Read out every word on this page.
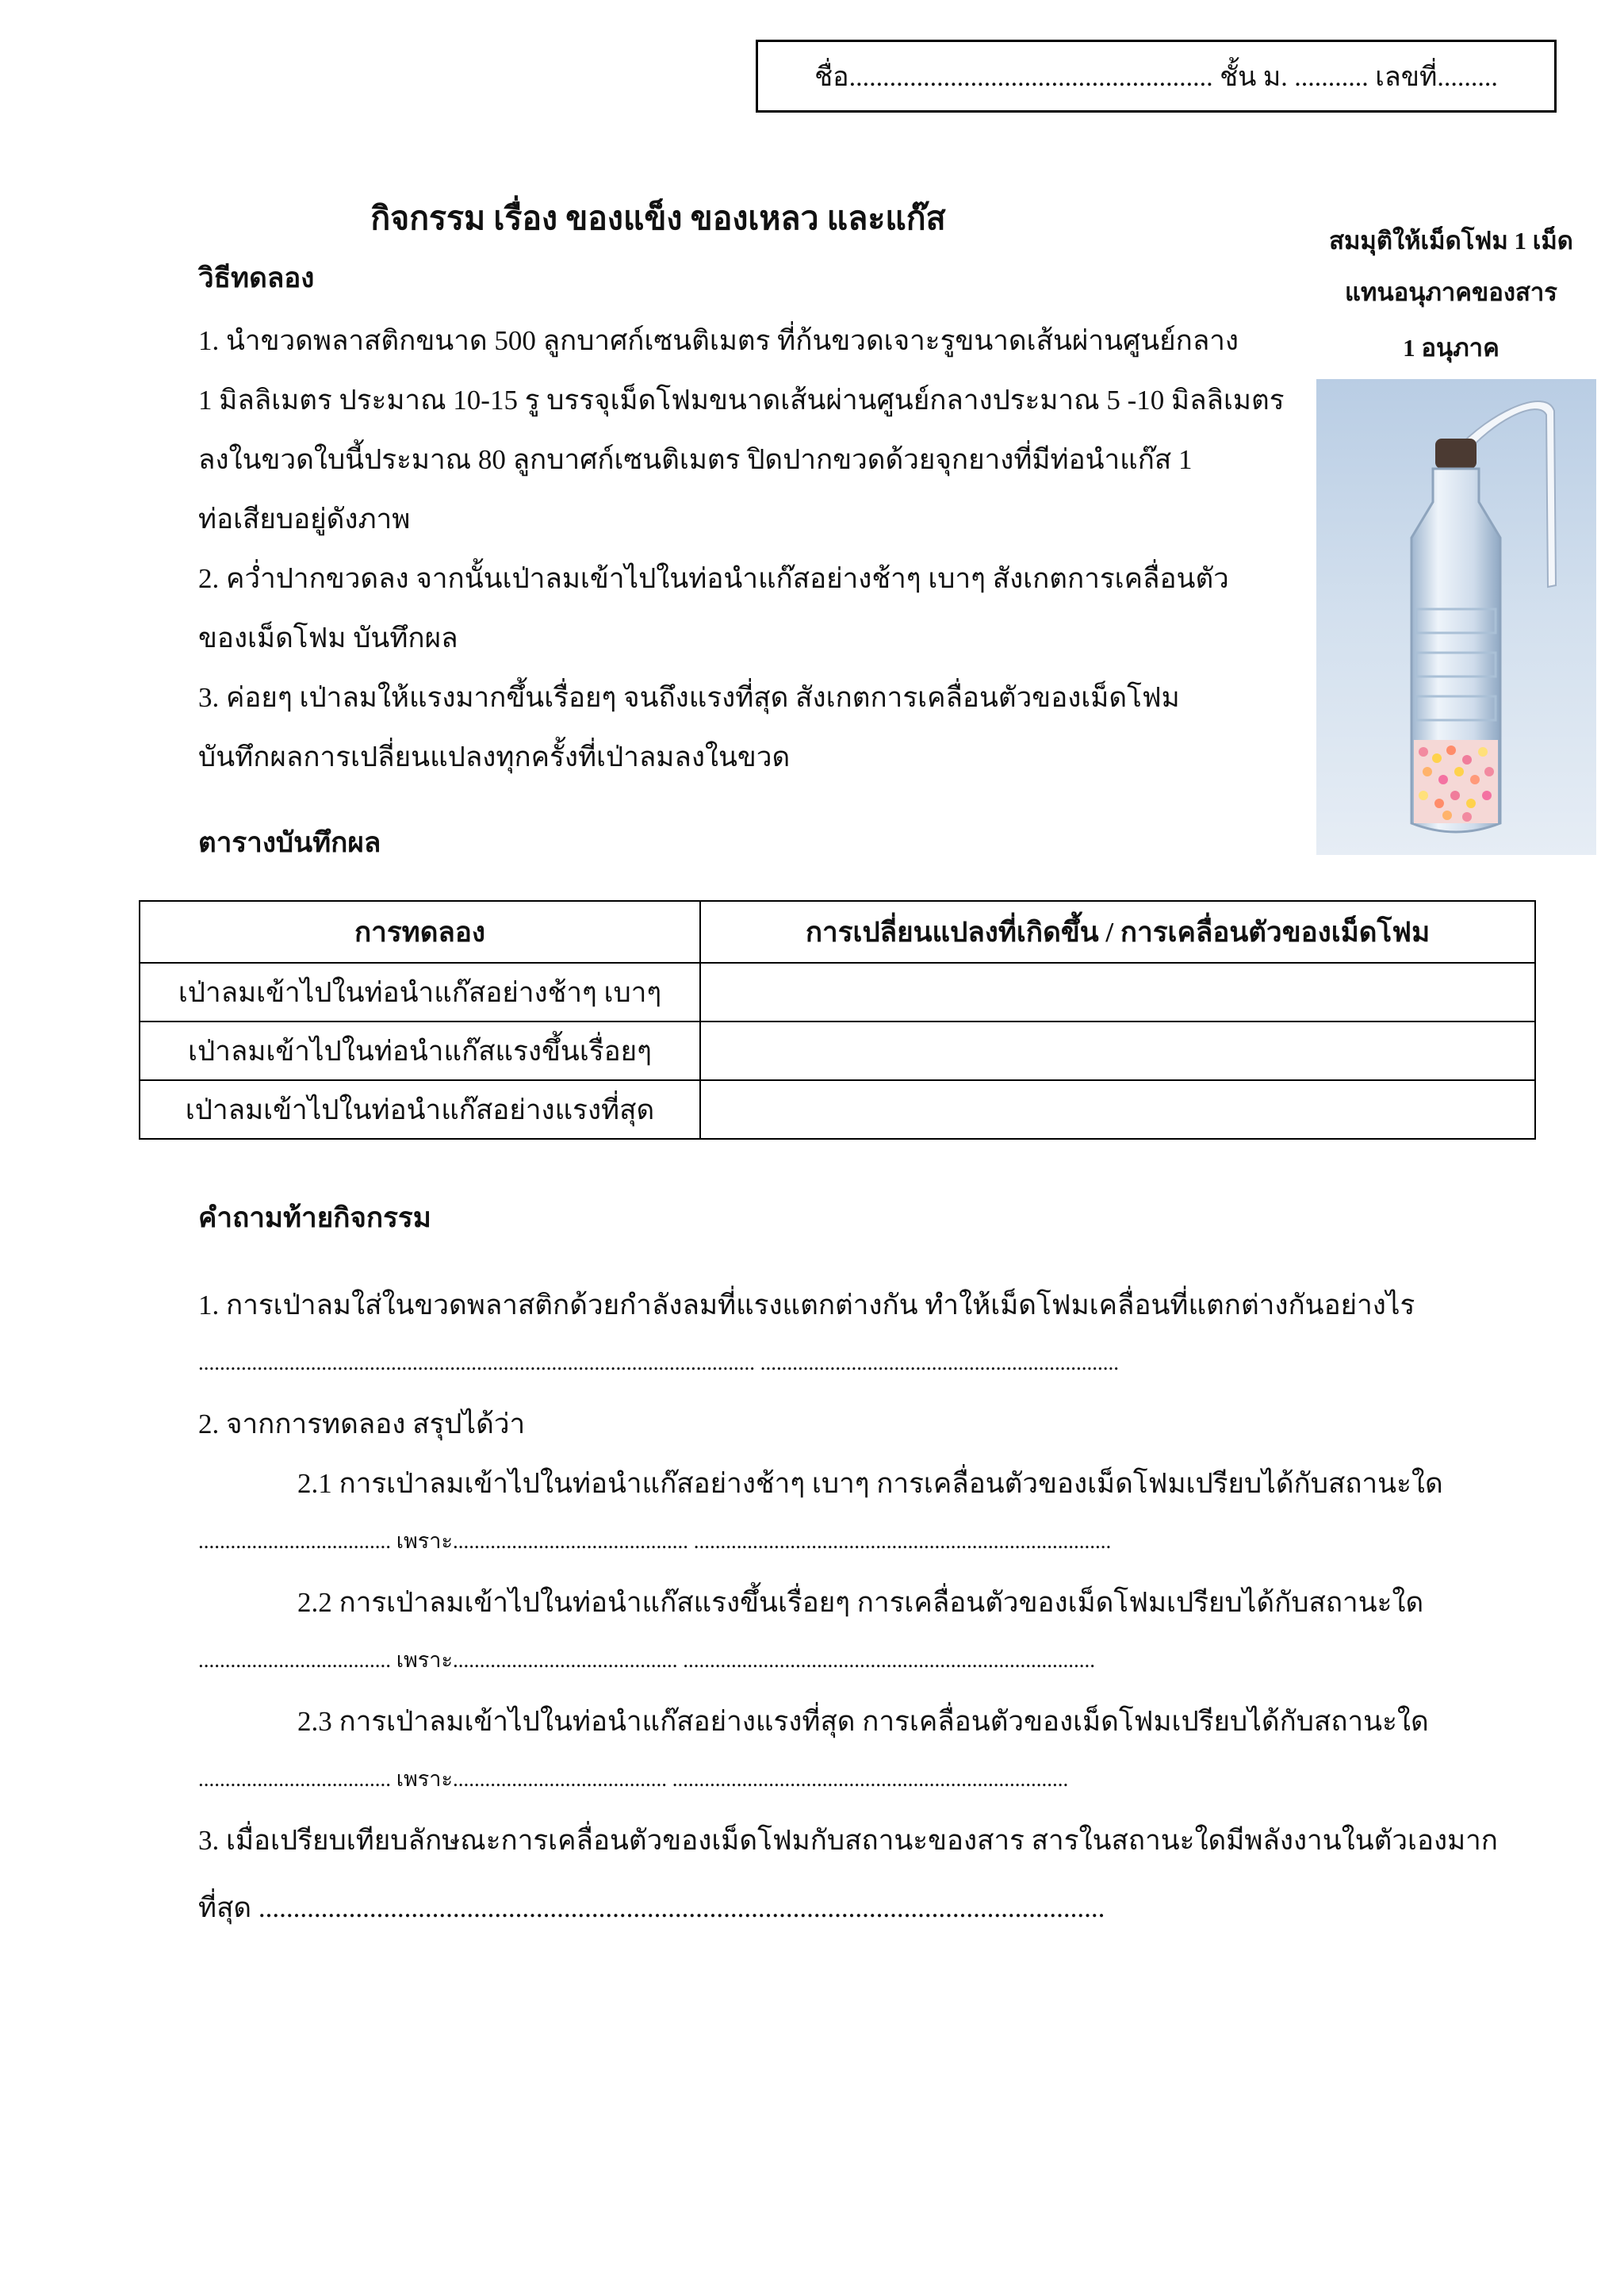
ชื่อ...................................................... ชั้น ม. ........... เลขที่.........
กิจกรรม เรื่อง ของแข็ง ของเหลว และแก๊ส
สมมุติให้เม็ดโฟม 1 เม็ด
แทนอนุภาคของสาร
1 อนุภาค
วิธีทดลอง
1. นำขวดพลาสติกขนาด 500 ลูกบาศก์เซนติเมตร ที่ก้นขวดเจาะรูขนาดเส้นผ่านศูนย์กลาง
1 มิลลิเมตร ประมาณ 10-15 รู บรรจุเม็ดโฟมขนาดเส้นผ่านศูนย์กลางประมาณ 5 -10 มิลลิเมตร
ลงในขวดใบนี้ประมาณ 80 ลูกบาศก์เซนติเมตร ปิดปากขวดด้วยจุกยางที่มีท่อนำแก๊ส 1
ท่อเสียบอยู่ดังภาพ
2. คว่ำปากขวดลง จากนั้นเป่าลมเข้าไปในท่อนำแก๊สอย่างช้าๆ เบาๆ สังเกตการเคลื่อนตัว
ของเม็ดโฟม บันทึกผล
3. ค่อยๆ เป่าลมให้แรงมากขึ้นเรื่อยๆ จนถึงแรงที่สุด สังเกตการเคลื่อนตัวของเม็ดโฟม
บันทึกผลการเปลี่ยนแปลงทุกครั้งที่เป่าลมลงในขวด
ตารางบันทึกผล
การทดลอง	การเปลี่ยนแปลงที่เกิดขึ้น / การเคลื่อนตัวของเม็ดโฟม
เป่าลมเข้าไปในท่อนำแก๊สอย่างช้าๆ เบาๆ	
เป่าลมเข้าไปในท่อนำแก๊สแรงขึ้นเรื่อยๆ	
เป่าลมเข้าไปในท่อนำแก๊สอย่างแรงที่สุด	
คำถามท้ายกิจกรรม
1. การเป่าลมใส่ในขวดพลาสติกด้วยกำลังลมที่แรงแตกต่างกัน ทำให้เม็ดโฟมเคลื่อนที่แตกต่างกันอย่างไร
........................................................................................................ ...................................................................
2. จากการทดลอง สรุปได้ว่า
2.1 การเป่าลมเข้าไปในท่อนำแก๊สอย่างช้าๆ เบาๆ การเคลื่อนตัวของเม็ดโฟมเปรียบได้กับสถานะใด
.................................... เพราะ............................................ ..............................................................................
2.2 การเป่าลมเข้าไปในท่อนำแก๊สแรงขึ้นเรื่อยๆ การเคลื่อนตัวของเม็ดโฟมเปรียบได้กับสถานะใด
.................................... เพราะ.......................................... .............................................................................
2.3 การเป่าลมเข้าไปในท่อนำแก๊สอย่างแรงที่สุด การเคลื่อนตัวของเม็ดโฟมเปรียบได้กับสถานะใด
.................................... เพราะ........................................ ..........................................................................
3. เมื่อเปรียบเทียบลักษณะการเคลื่อนตัวของเม็ดโฟมกับสถานะของสาร สารในสถานะใดมีพลังงานในตัวเองมาก
ที่สุด ..........................................................................................................................
